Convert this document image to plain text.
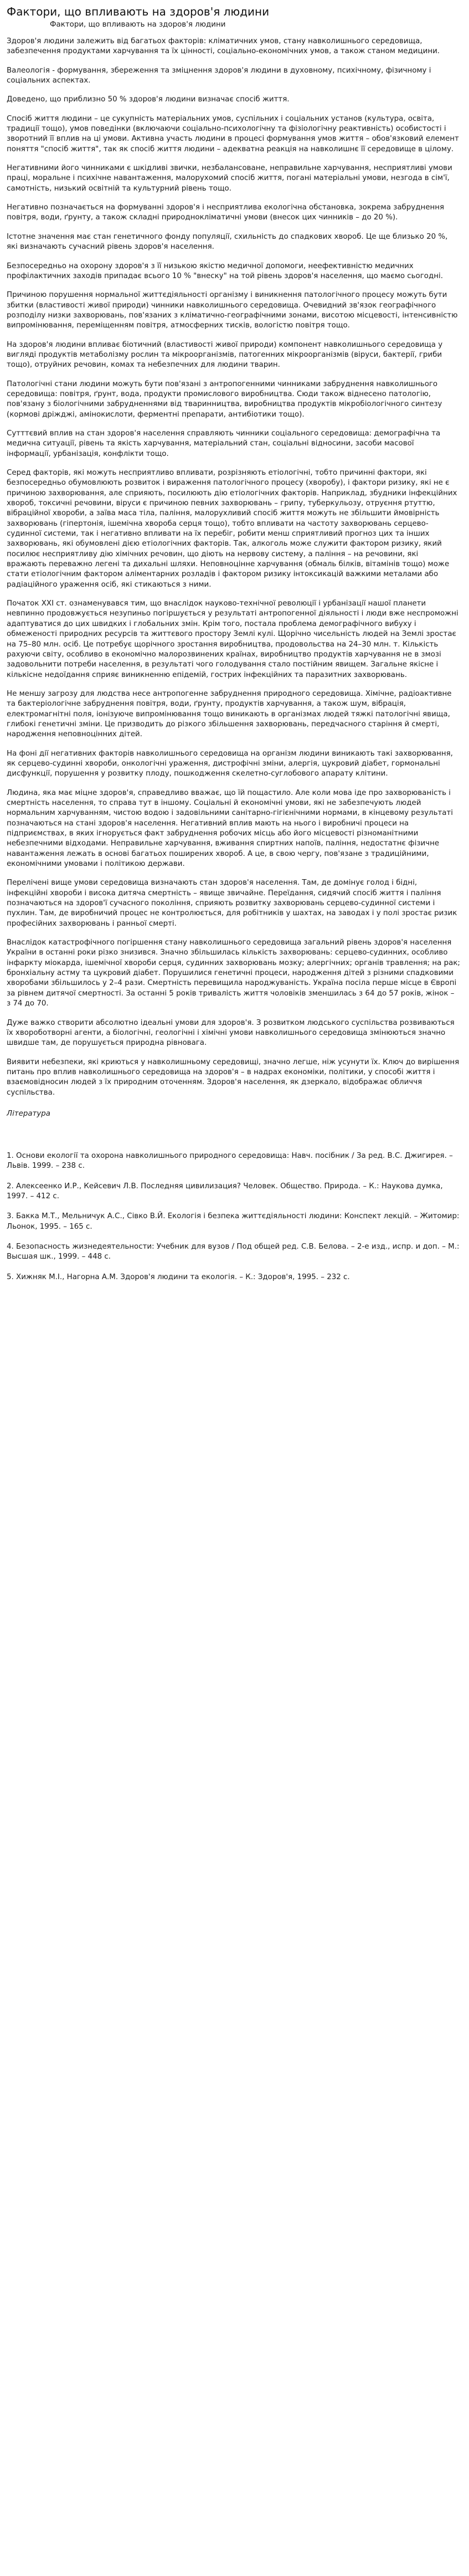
Фактори, що впливають на здоров'я людини
Фактори, що впливають на здоров'я людини

Здоров'я людини залежить від багатьох факторів: кліматичних умов, стану навколишнього середовища, забезпечення продуктами харчування та їх цінності, соціально-економічних умов, а також станом медицини.

Валеологія - формування, збереження та зміцнення здоров'я людини в духовному, психічному, фізичному і соціальних аспектах.

Доведено, що приблизно 50 % здоров'я людини визначає спосіб життя.

Спосіб життя людини – це сукупність матеріальних умов, суспільних і соціальних установ (культура, освіта, традиції тощо), умов поведінки (включаючи соціально-психологічну та фізіологічну реактивність) особистості і зворотний її вплив на ці умови. Активна участь людини в процесі формування умов життя – обов'язковий елемент поняття "спосіб життя", так як спосіб життя людини – адекватна реакція на навколишнє її середовище в цілому.

Негативними його чинниками є шкідливі звички, незбалансоване, неправильне харчування, несприятливі умови праці, моральне і психічне навантаження, малорухомий спосіб життя, погані матеріальні умови, незгода в сім'ї, самотність, низький освітній та культурний рівень тощо.

Негативно позначається на формуванні здоров'я і несприятлива екологічна обстановка, зокрема забруднення повітря, води, ґрунту, а також складні природнокліматичні умови (внесок цих чинників – до 20 %).

Істотне значення має стан генетичного фонду популяції, схильність до спадкових хвороб. Це ще близько 20 %, які визначають сучасний рівень здоров'я населення.

Безпосередньо на охорону здоров'я з її низькою якістю медичної допомоги, неефективністю медичних профілактичних заходів припадає всього 10 % "внеску" на той рівень здоров'я населення, що маємо сьогодні.

Причиною порушення нормальної життєдіяльності організму і виникнення патологічного процесу можуть бути збитки (властивості живої природи) чинники навколишнього середовища. Очевидний зв'язок географічного розподілу низки захворювань, пов'язаних з кліматично-географічними зонами, висотою місцевості, інтенсивністю випромінювання, переміщенням повітря, атмосферних тисків, вологістю повітря тощо.

На здоров'я людини впливає біотичний (властивості живої природи) компонент навколишнього середовища у вигляді продуктів метаболізму рослин та мікроорганізмів, патогенних мікроорганізмів (віруси, бактерії, гриби тощо), отруйних речовин, комах та небезпечних для людини тварин.

Патологічні стани людини можуть бути пов'язані з антропогенними чинниками забруднення навколишнього середовища: повітря, ґрунт, вода, продукти промислового виробництва. Сюди також віднесено патологію, пов'язану з біологічними забрудненнями від тваринництва, виробництва продуктів мікробіологічного синтезу (кормові дріжджі, амінокислоти, ферментні препарати, антибіотики тощо).

Сутттєвий вплив на стан здоров'я населення справляють чинники соціального середовища: демографічна та медична ситуації, рівень та якість харчування, матеріальний стан, соціальні відносини, засоби масової інформації, урбанізація, конфлікти тощо.

Серед факторів, які можуть несприятливо впливати, розрізняють етіологічні, тобто причинні фактори, які безпосередньо обумовлюють розвиток і вираження патологічного процесу (хворобу), і фактори ризику, які не є причиною захворювання, але сприяють, посилюють дію етіологічних факторів. Наприклад, збудники інфекційних хвороб, токсичні речовини, віруси є причиною певних захворювань – грипу, туберкульозу, отруєння ртуттю, вібраційної хвороби, а заїва маса тіла, паління, малорухливий спосіб життя можуть не збільшити ймовірність захворювань (гіпертонія, ішемічна хвороба серця тощо), тобто впливати на частоту захворювань серцево-судинної системи, так і негативно впливати на їх перебіг, робити менш сприятливий прогноз цих та інших захворювань, які обумовлені дією етіологічних факторів. Так, алкоголь може служити фактором ризику, який посилює несприятливу дію хімічних речовин, що діють на нервову систему, а паління – на речовини, які вражають переважно легені та дихальні шляхи. Неповноцінне харчування (обмаль білків, вітамінів тощо) може стати етіологічним фактором аліментарних розладів і фактором ризику інтоксикацій важкими металами або радіаційного ураження осіб, які стикаються з ними.

Початок XXI ст. ознаменувався тим, що внаслідок науково-технічної революції і урбанізації нашої планети невпинно продовжується незупиньо погіршується у результаті антропогенної діяльності і люди вже неспроможні адаптуватися до цих швидких і глобальних змін. Крім того, постала проблема демографічного вибуху і обмеженості природних ресурсів та життєвого простору Землі кулі. Щорічно чисельність людей на Землі зростає на 75–80 млн. осіб. Це потребує щорічного зростання виробництва, продовольства на 24–30 млн. т. Кількість рахуючи світу, особливо в економічно малорозвинених країнах, виробництво продуктів харчування не в змозі задовольнити потреби населення, в результаті чого голодування стало постійним явищем. Загальне якісне і кількісне недоїдання сприяє виникненню епідемій, гострих інфекційних та паразитних захворювань.

Не меншу загрозу для людства несе антропогенне забруднення природного середовища. Хімічне, радіоактивне та бактеріологічне забруднення повітря, води, ґрунту, продуктів харчування, а також шум, вібрація, електромагнітні поля, іонізуюче випромінювання тощо виникають в організмах людей тяжкі патологічні явища, глибокі генетичні зміни. Це призводить до різкого збільшення захворювань, передчасного старіння й смерті, народження неповноцінних дітей.

На фоні дії негативних факторів навколишнього середовища на організм людини виникають такі захворювання, як серцево-судинні хвороби, онкологічні ураження, дистрофічні зміни, алергія, цукровий діабет, гормональні дисфункції, порушення у розвитку плоду, пошкодження скелетно-суглобового апарату клітини.

Людина, яка має міцне здоров'я, справедливо вважає, що їй пощастило. Але коли мова іде про захворюваність і смертність населення, то справа тут в іншому. Соціальні й економічні умови, які не забезпечують людей нормальним харчуванням, чистою водою і задовільними санітарно-гігієнічними нормами, в кінцевому результаті позначаються на стані здоров'я населення. Негативний вплив мають на нього і виробничі процеси на підприємствах, в яких ігнорується факт забруднення робочих місць або його місцевості різноманітними небезпечними відходами. Неправильне харчування, вживання спиртних напоїв, паління, недостатнє фізичне навантаження лежать в основі багатьох поширених хвороб. А це, в свою чергу, пов'язане з традиційними, економічними умовами і політикою держави.

Перелічені вище умови середовища визначають стан здоров'я населення. Там, де домінує голод і бідні, інфекційні хвороби і висока дитяча смертність – явище звичайне. Переїдання, сидячий спосіб життя і паління позначаються на здоров'ї сучасного покоління, сприяють розвитку захворювань серцево-судинної системи і пухлин. Там, де виробничий процес не контролюється, для робітників у шахтах, на заводах і у полі зростає ризик професійних захворювань і ранньої смерті.

Внаслідок катастрофічного погіршення стану навколишнього середовища загальний рівень здоров'я населення України в останні роки різко знизився. Значно збільшилась кількість захворювань: серцево-судинних, особливо інфаркту міокарда, ішемічної хвороби серця, судинних захворювань мозку; алергічних; органів травлення; на рак; бронхіальну астму та цукровий діабет. Порушилися генетичні процеси, народження дітей з різними спадковими хворобами збільшилось у 2–4 рази. Смертність перевищила народжуваність. Україна посіла перше місце в Європі за рівнем дитячої смертності. За останні 5 років тривалість життя чоловіків зменшилась з 64 до 57 років, жінок – з 74 до 70.

Дуже важко створити абсолютно ідеальні умови для здоров'я. З розвитком людського суспільства розвиваються їх хвороботворні агенти, а біологічні, геологічні і хімічні умови навколишнього середовища змінюються значно швидше там, де порушується природна рівновага.

Виявити небезпеки, які криються у навколишньому середовищі, значно легше, ніж усунути їх. Ключ до вирішення питань про вплив навколишнього середовища на здоров'я – в надрах економіки, політики, у способі життя і взаємовідносин людей з їх природним оточенням. Здоров'я населення, як дзеркало, відображає обличчя суспільства.

Література

1. Основи екології та охорона навколишнього природного середовища: Навч. посібник / За ред. В.С. Джигирея. – Львів. 1999. – 238 с.

2. Алексеенко И.Р., Кейсевич Л.В. Последняя цивилизация? Человек. Общество. Природа. – К.: Наукова думка, 1997. – 412 с.

3. Бакка М.Т., Мельничук А.С., Сівко В.Й. Екологія і безпека життєдіяльності людини: Конспект лекцій. – Житомир: Льонок, 1995. – 165 с.

4. Безопасность жизнедеятельности: Учебник для вузов / Под общей ред. С.В. Белова. – 2-е изд., испр. и доп. – М.: Высшая шк., 1999. – 448 с.

5. Хижняк М.І., Нагорна А.М. Здоров'я людини та екологія. – К.: Здоров'я, 1995. – 232 с.
